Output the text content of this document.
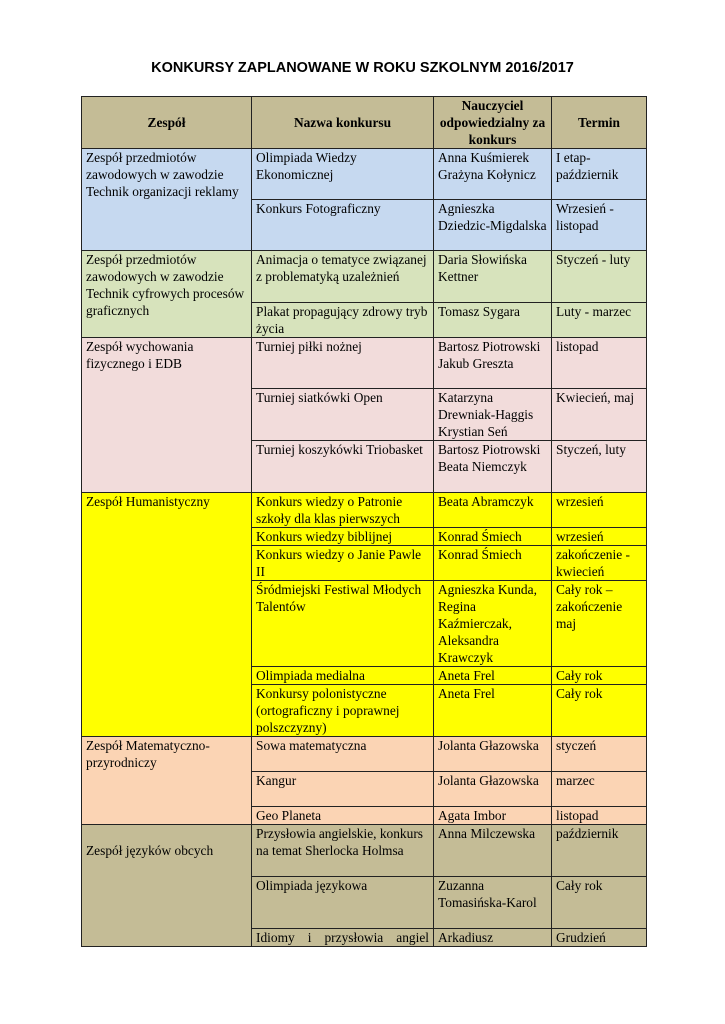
KONKURSY ZAPLANOWANE W ROKU SZKOLNYM 2016/2017
Zespół	Nazwa konkursu	Nauczyciel odpowiedzialny za konkurs	Termin
Zespół przedmiotów zawodowych w zawodzie Technik organizacji reklamy	Olimpiada Wiedzy Ekonomicznej	Anna Kuśmierek Grażyna Kołynicz	I etap- październik
	Konkurs Fotograficzny	Agnieszka Dziedzic-Migdalska	Wrzesień - listopad
Zespół przedmiotów zawodowych w zawodzie Technik cyfrowych procesów graficznych	Animacja o tematyce związanej z problematyką uzależnień	Daria Słowińska Kettner	Styczeń - luty
	Plakat propagujący zdrowy tryb życia	Tomasz Sygara	Luty - marzec
Zespół wychowania fizycznego i EDB	Turniej piłki nożnej	Bartosz Piotrowski Jakub Greszta	listopad
	Turniej siatkówki Open	Katarzyna Drewniak-Haggis Krystian Seń	Kwiecień, maj
	Turniej koszykówki Triobasket	Bartosz Piotrowski Beata Niemczyk	Styczeń, luty
Zespół Humanistyczny	Konkurs wiedzy o Patronie szkoły dla klas pierwszych	Beata Abramczyk	wrzesień
	Konkurs wiedzy biblijnej	Konrad Śmiech	wrzesień
	Konkurs wiedzy o Janie Pawle II	Konrad Śmiech	zakończenie - kwiecień
	Śródmiejski Festiwal Młodych Talentów	Agnieszka Kunda, Regina Kaźmierczak, Aleksandra Krawczyk	Cały rok – zakończenie maj
	Olimpiada medialna	Aneta Frel	Cały rok
	Konkursy polonistyczne (ortograficzny i poprawnej polszczyzny)	Aneta Frel	Cały rok
Zespół Matematyczno-przyrodniczy	Sowa matematyczna	Jolanta Głazowska	styczeń
	Kangur	Jolanta Głazowska	marzec
	Geo Planeta	Agata Imbor	listopad
Zespół języków obcych	Przysłowia angielskie, konkurs na temat Sherlocka Holmsa	Anna Milczewska	październik
	Olimpiada językowa	Zuzanna Tomasińska-Karol	Cały rok
	Idiomy i przysłowia angiel	Arkadiusz	Grudzień
